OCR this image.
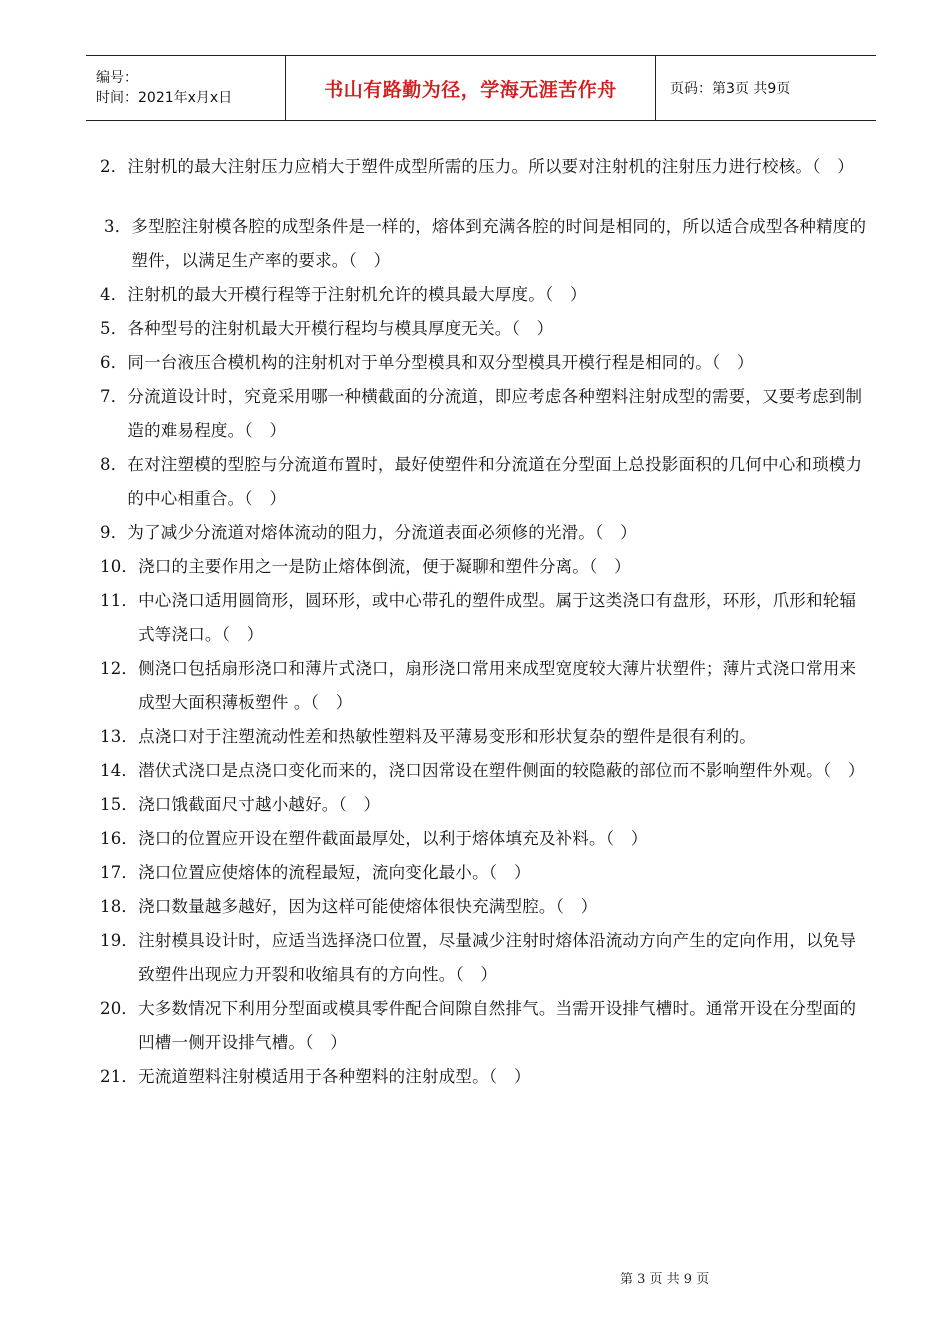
编号：
时间：2021年x月x日	书山有路勤为径，学海无涯苦作舟	页码：第3页 共9页
2． 注射机的最大注射压力应梢大于塑件成型所需的压力。所以要对注射机的注射压力进行校核。（　）
3． 多型腔注射模各腔的成型条件是一样的，熔体到充满各腔的时间是相同的，所以适合成型各种精度的塑件，以满足生产率的要求。（　）
4． 注射机的最大开模行程等于注射机允许的模具最大厚度。（　）
5． 各种型号的注射机最大开模行程均与模具厚度无关。（　）
6． 同一台液压合模机构的注射机对于单分型模具和双分型模具开模行程是相同的。（　）
7． 分流道设计时，究竟采用哪一种横截面的分流道，即应考虑各种塑料注射成型的需要，又要考虑到制造的难易程度。（　）
8． 在对注塑模的型腔与分流道布置时，最好使塑件和分流道在分型面上总投影面积的几何中心和琐模力的中心相重合。（　）
9． 为了减少分流道对熔体流动的阻力，分流道表面必须修的光滑。（　）
10． 浇口的主要作用之一是防止熔体倒流，便于凝聊和塑件分离。（　）
11． 中心浇口适用圆筒形，圆环形，或中心带孔的塑件成型。属于这类浇口有盘形，环形，爪形和轮辐式等浇口。（　）
12． 侧浇口包括扇形浇口和薄片式浇口，扇形浇口常用来成型宽度较大薄片状塑件；薄片式浇口常用来成型大面积薄板塑件 。（　）
13． 点浇口对于注塑流动性差和热敏性塑料及平薄易变形和形状复杂的塑件是很有利的。
14． 潜伏式浇口是点浇口变化而来的，浇口因常设在塑件侧面的较隐蔽的部位而不影响塑件外观。（　）
15． 浇口饿截面尺寸越小越好。（　）
16． 浇口的位置应开设在塑件截面最厚处，以利于熔体填充及补料。（　）
17． 浇口位置应使熔体的流程最短，流向变化最小。（　）
18． 浇口数量越多越好，因为这样可能使熔体很快充满型腔。（　）
19． 注射模具设计时，应适当选择浇口位置，尽量减少注射时熔体沿流动方向产生的定向作用，以免导致塑件出现应力开裂和收缩具有的方向性。（　）
20． 大多数情况下利用分型面或模具零件配合间隙自然排气。当需开设排气槽时。通常开设在分型面的凹槽一侧开设排气槽。（　）
21． 无流道塑料注射模适用于各种塑料的注射成型。（　）
第 3 页 共 9 页
